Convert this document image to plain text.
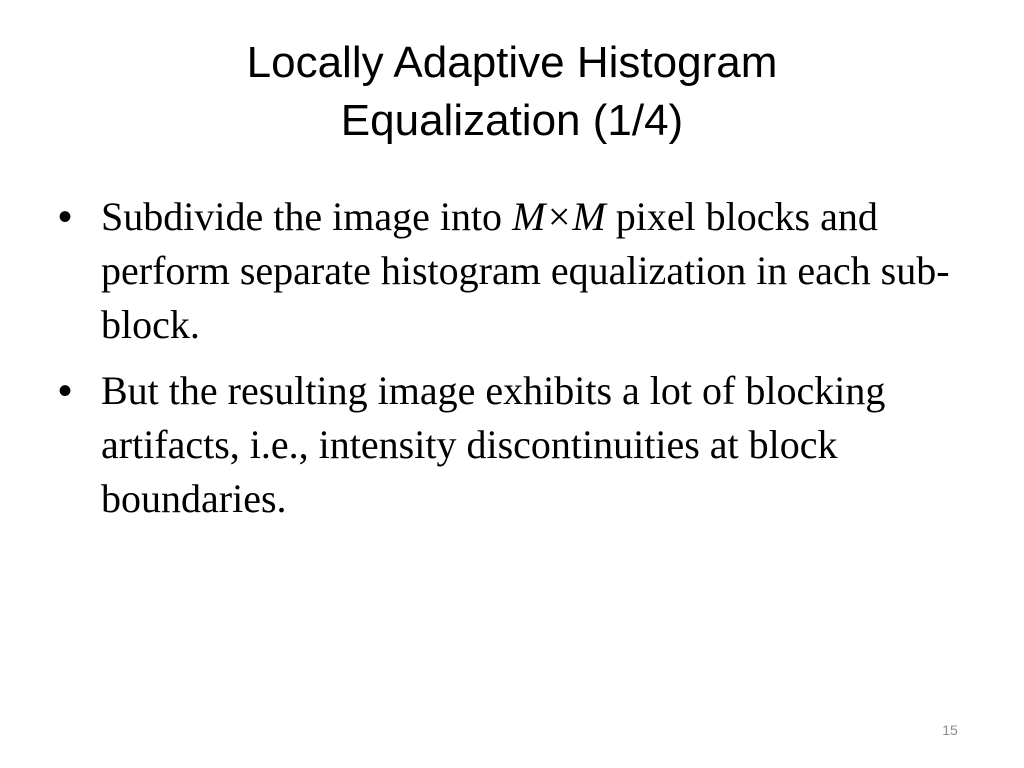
Locally Adaptive Histogram
Equalization (1/4)
• Subdivide the image into M×M pixel blocks and perform separate histogram equalization in each sub-block.
• But the resulting image exhibits a lot of blocking artifacts, i.e., intensity discontinuities at block boundaries.
15
